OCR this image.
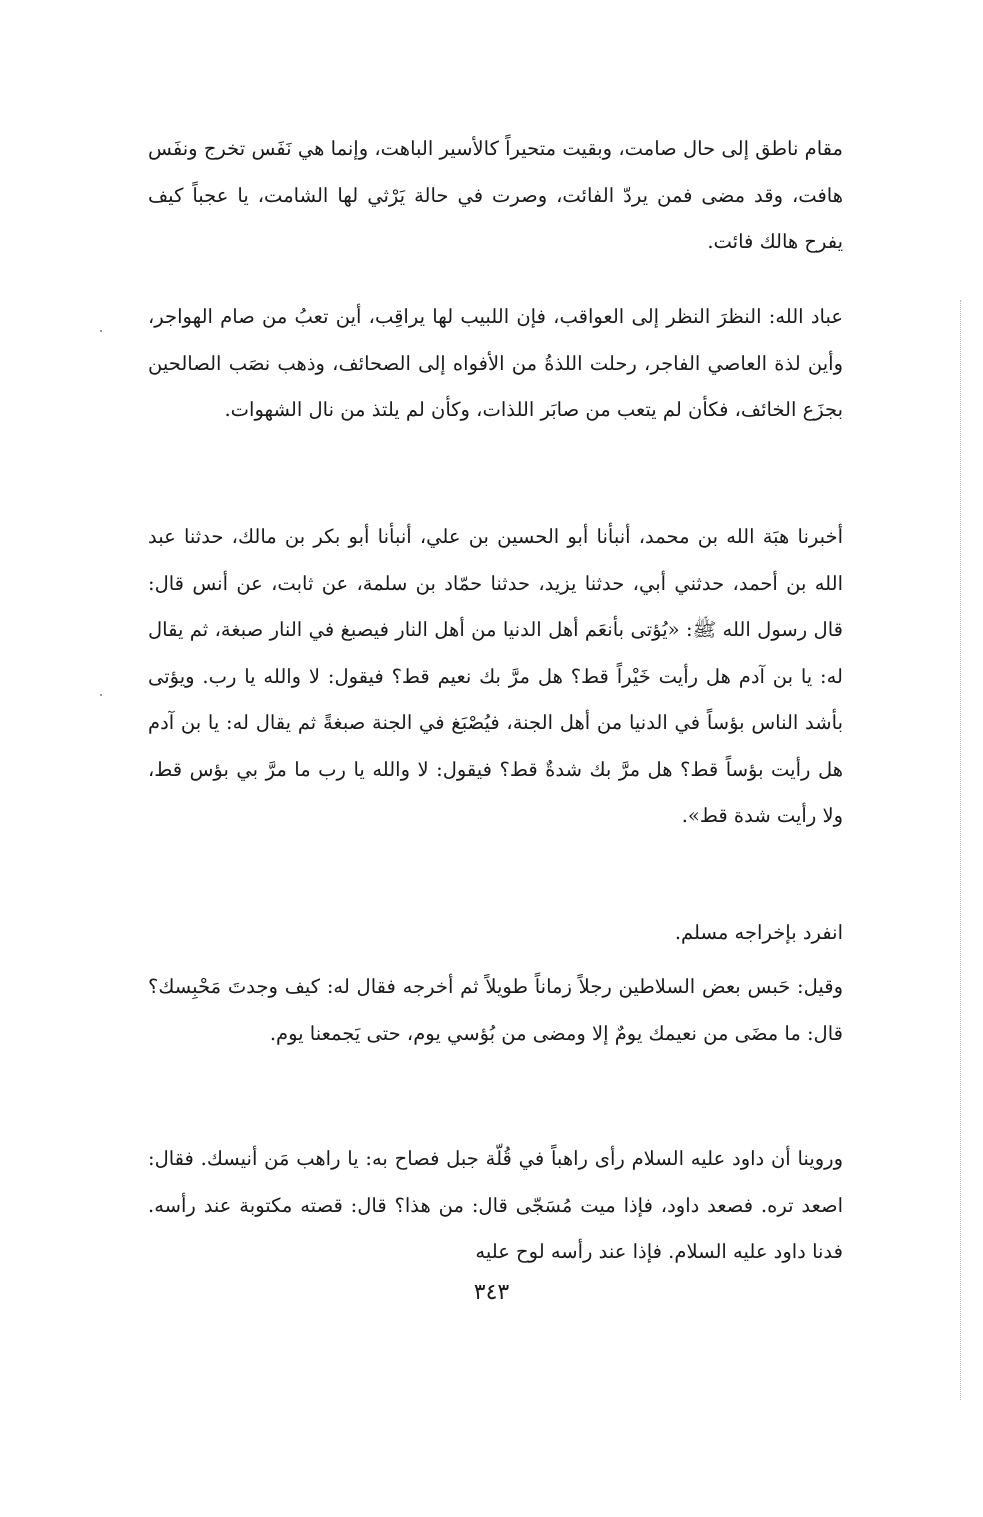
مقام ناطق إلى حال صامت، وبقيت متحيراً كالأسير الباهت، وإنما هي نَفَس تخرج ونفَس هافت، وقد مضى فمن يردّ الفائت، وصرت في حالة يَرْثي لها الشامت، يا عجباً كيف يفرح هالك فائت.

عباد الله: النظرَ النظر إلى العواقب، فإن اللبيب لها يراقِب، أين تعبُ من صام الهواجر، وأين لذة العاصي الفاجر، رحلت اللذةُ من الأفواه إلى الصحائف، وذهب نصَب الصالحين بجزَع الخائف، فكأن لم يتعب من صابَر اللذات، وكأن لم يلتذ من نال الشهوات.

أخبرنا هبَة الله بن محمد، أنبأنا أبو الحسين بن علي، أنبأنا أبو بكر بن مالك، حدثنا عبد الله بن أحمد، حدثني أبي، حدثنا يزيد، حدثنا حمّاد بن سلمة، عن ثابت، عن أنس قال: قال رسول الله ﷺ: «يُؤتى بأنعَم أهل الدنيا من أهل النار فيصبغ في النار صبغة، ثم يقال له: يا بن آدم هل رأيت خَيْراً قط؟ هل مرَّ بك نعيم قط؟ فيقول: لا والله يا رب. ويؤتى بأشد الناس بؤساً في الدنيا من أهل الجنة، فيُصْبَغ في الجنة صبغةً ثم يقال له: يا بن آدم هل رأيت بؤساً قط؟ هل مرَّ بك شدةٌ قط؟ فيقول: لا والله يا رب ما مرَّ بي بؤس قط، ولا رأيت شدة قط».

انفرد بإخراجه مسلم.

وقيل: حَبس بعض السلاطين رجلاً زماناً طويلاً ثم أخرجه فقال له: كيف وجدتَ مَحْبِسك؟ قال: ما مضَى من نعيمك يومٌ إلا ومضى من بُؤسي يوم، حتى يَجمعنا يوم.

وروينا أن داود عليه السلام رأى راهباً في قُلّة جبل فصاح به: يا راهب مَن أنيسك. فقال: اصعد تره. فصعد داود، فإذا ميت مُسَجّى قال: من هذا؟ قال: قصته مكتوبة عند رأسه. فدنا داود عليه السلام. فإذا عند رأسه لوح عليه

٣٤٣
